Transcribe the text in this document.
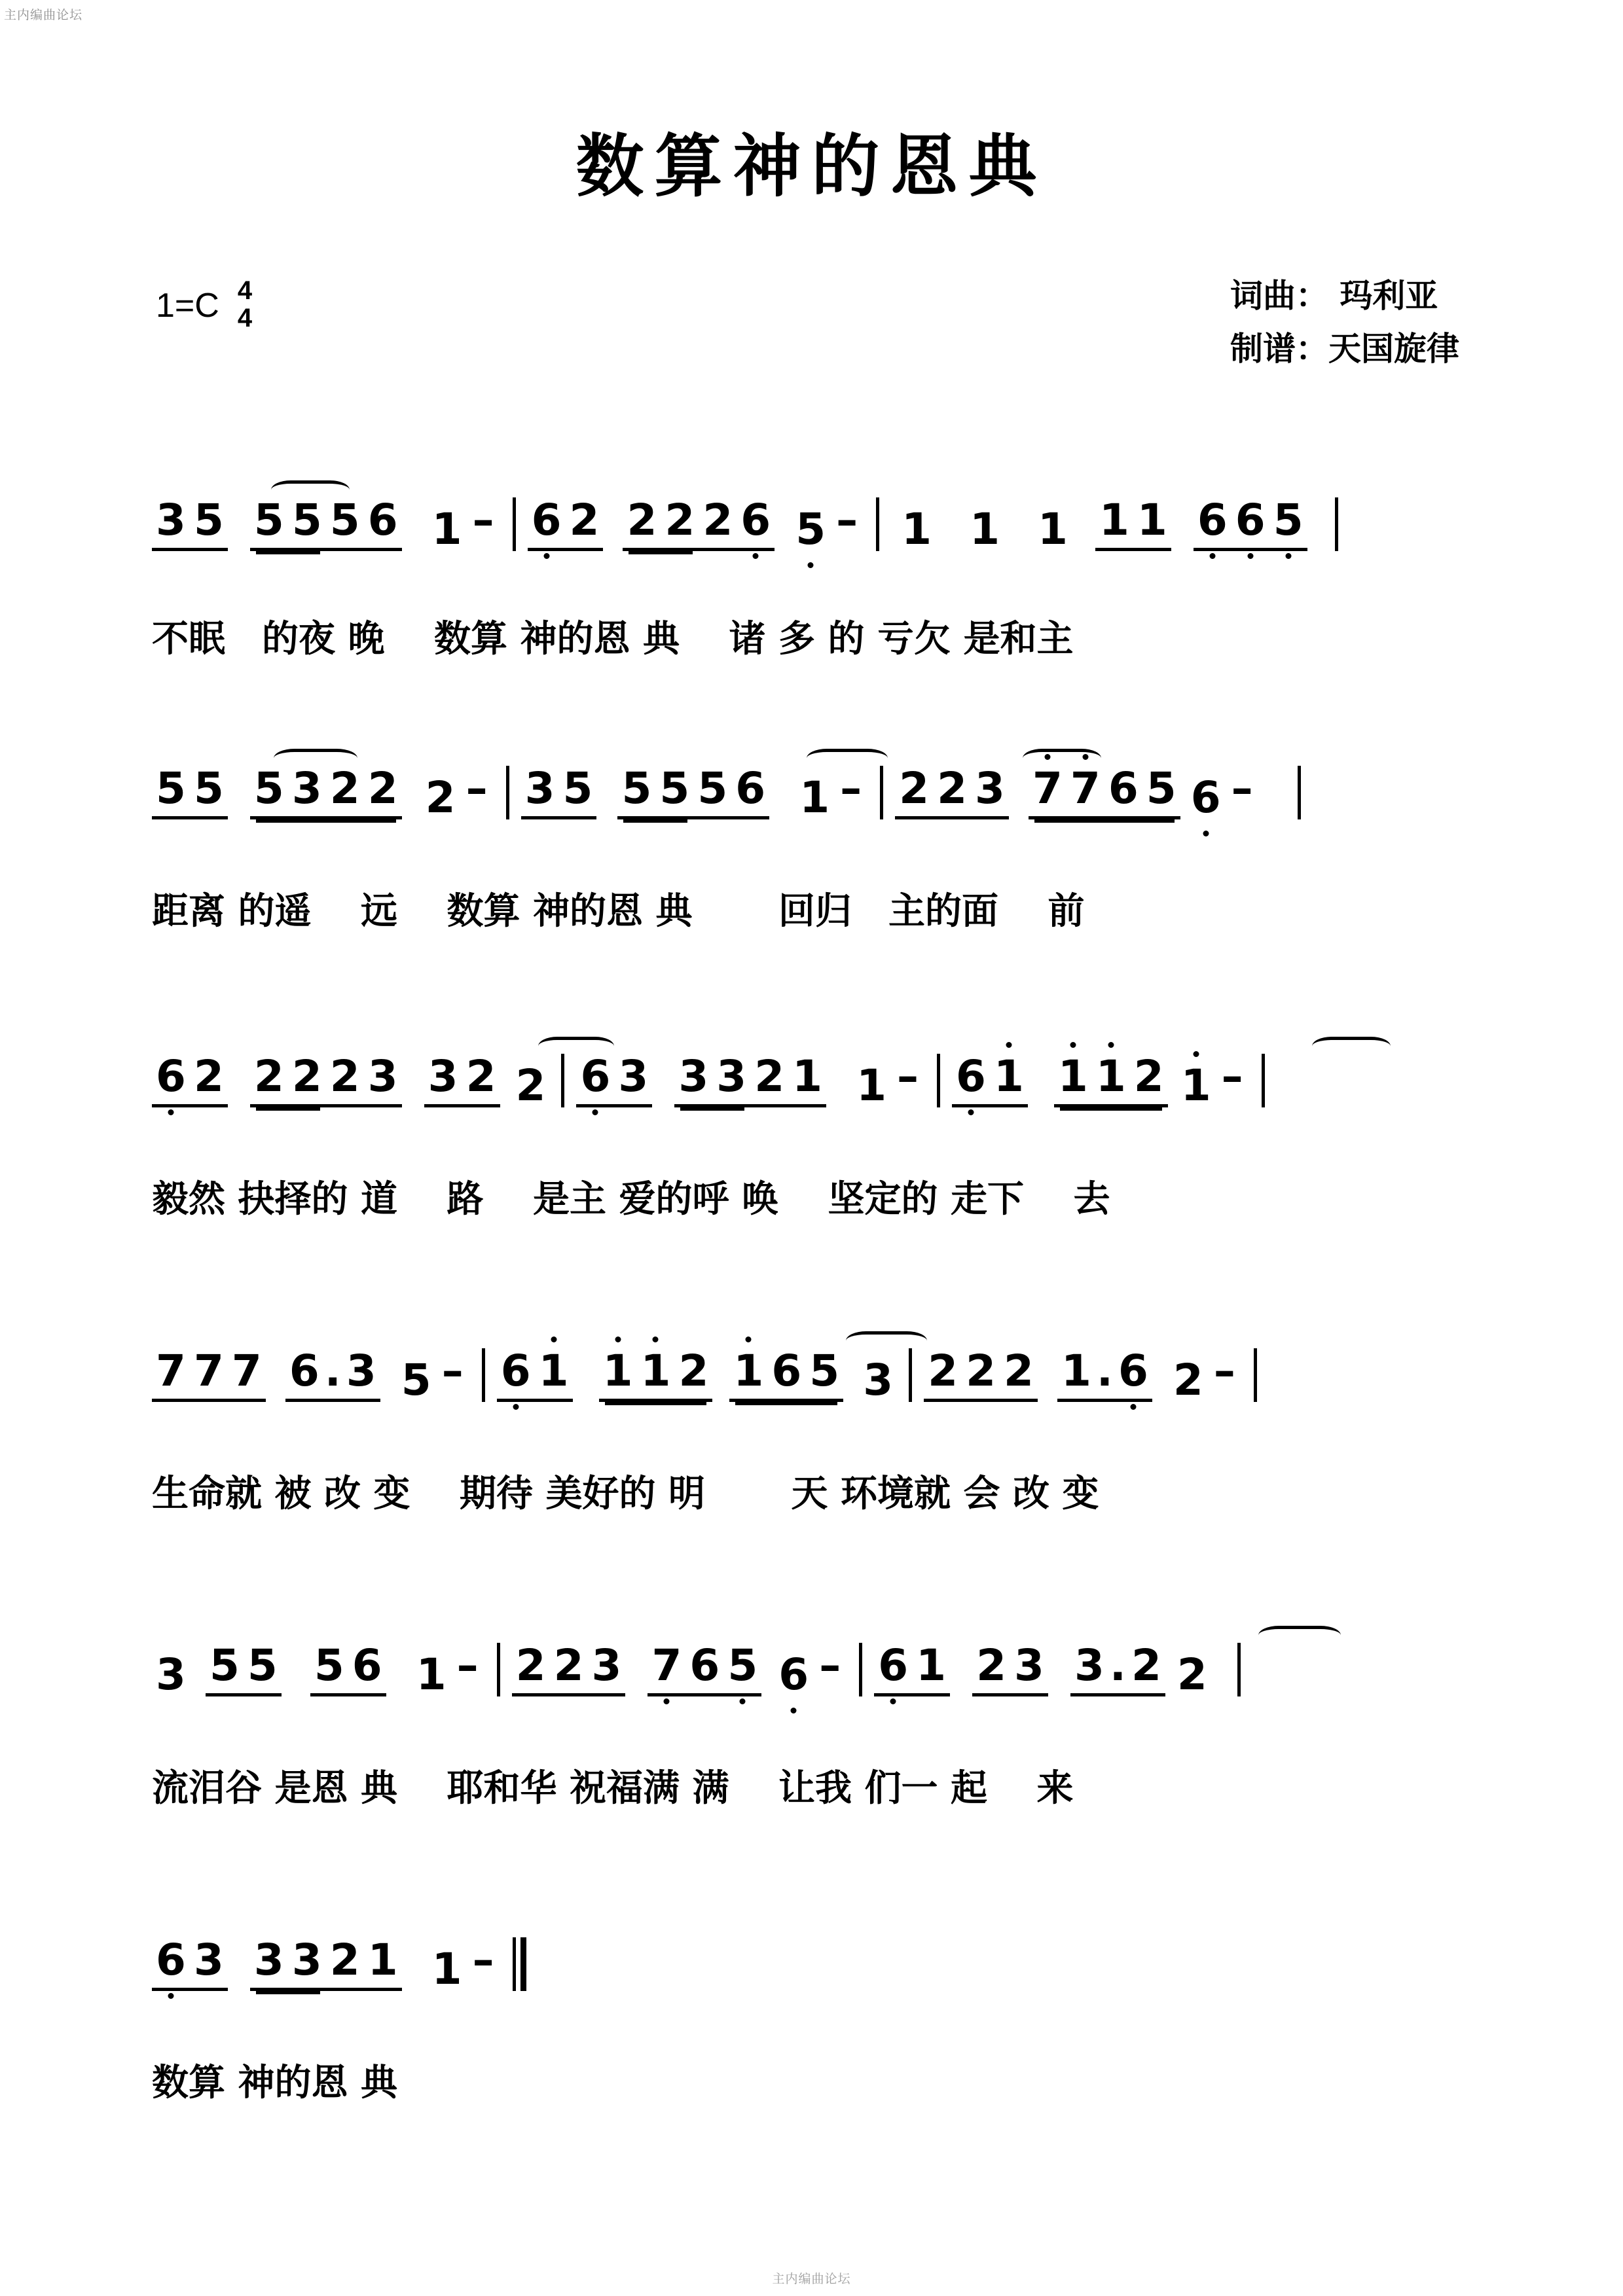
主内编曲论坛
主内编曲论坛
数算神的恩典
1=C 4
4
词曲： 玛利亚
制谱：天国旋律
3 5 5 5 5 6 1 – 6 2 2 2 2 6 5 – 1 1 1 1 1 6 6 5
不眠　的夜 晚　 数算 神的恩 典　 诸 多 的 亏欠 是和主
5 5 5 3 2 2 2 – 3 5 5 5 5 6 1 – 2 2 3 7 7 6 5 6 –
距离 的遥　 远　 数算 神的恩 典　　 回归　主的面　 前
6 2 2 2 2 3 3 2 2 6 3 3 3 2 1 1 – 6 1 1 1 2 1 –
毅然 抉择的 道　 路　 是主 爱的呼 唤　 坚定的 走下　 去
7 7 7 6 . 3 5 – 6 1 1 1 2 1 6 5 3 2 2 2 1 . 6 2 –
生命就 被 改 变　 期待 美好的 明　　 天 环境就 会 改 变
3 5 5 5 6 1 – 2 2 3 7 6 5 6 – 6 1 2 3 3 . 2 2
流泪谷 是恩 典　 耶和华 祝福满 满　 让我 们一 起　 来
6 3 3 3 2 1 1 –
数算 神的恩 典
